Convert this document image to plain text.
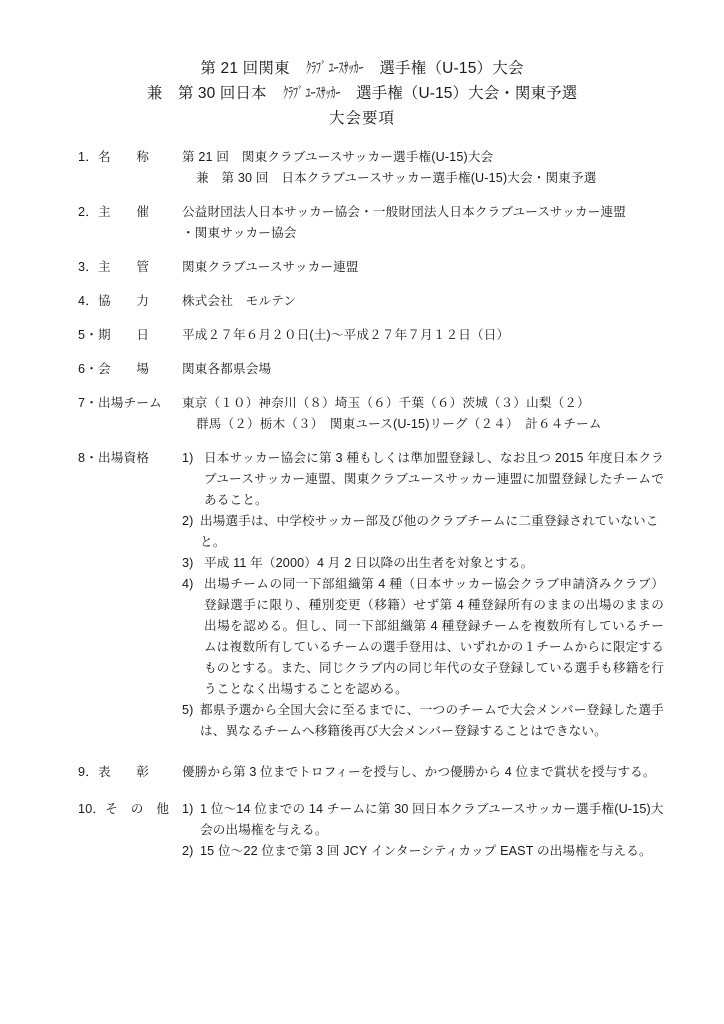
第 21 回関東 ｸﾗﾌﾞ ﾕｰｽｻｯｶｰ 選手権（U-15）大会
兼　第 30 回日本 ｸﾗﾌﾞ ﾕｰｽｻｯｶｰ 選手権（U-15）大会・関東予選
大会要項
1．名　　称	第 21 回　関東クラブユースサッカー選手権(U-15)大会
兼　第 30 回　日本クラブユースサッカー選手権(U-15)大会・関東予選
2．主　　催	公益財団法人日本サッカー協会・一般財団法人日本クラブユースサッカー連盟
・関東サッカー協会
3．主　　管	関東クラブユースサッカー連盟
4．協　　力	株式会社　モルテン
5・期　　日	平成２７年６月２０日(土)～平成２７年７月１２日（日）
6・会　　場	関東各都県会場
7・出場チーム	東京（１０）神奈川（８）埼玉（６）千葉（６）茨城（３）山梨（２）
群馬（２）栃木（３）　関東ユース(U-15)リーグ（２４）　計６４チーム
8・出場資格	1) 日本サッカー協会に第 3 種もしくは準加盟登録し、なお且つ 2015 年度日本クラブユースサッカー連盟、関東クラブユースサッカー連盟に加盟登録したチームであること。
2) 出場選手は、中学校サッカー部及び他のクラブチームに二重登録されていないこと。
3) 平成 11 年（2000）4 月 2 日以降の出生者を対象とする。
4) 出場チームの同一下部組織第 4 種（日本サッカー協会クラブ申請済みクラブ）登録選手に限り、種別変更（移籍）せず第 4 種登録所有のままの出場のままの出場を認める。但し、同一下部組織第 4 種登録チームを複数所有しているチームは複数所有しているチームの選手登用は、いずれかの１チームからに限定するものとする。また、同じクラブ内の同じ年代の女子登録している選手も移籍を行うことなく出場することを認める。
5) 都県予選から全国大会に至るまでに、一つのチームで大会メンバー登録した選手は、異なるチームへ移籍後再び大会メンバー登録することはできない。
9．表　　彰	優勝から第 3 位までトロフィーを授与し、かつ優勝から 4 位まで賞状を授与する。
10．そ　の　他	1) 1 位～14 位までの 14 チームに第 30 回日本クラブユースサッカー選手権(U-15)大会の出場権を与える。
2) 15 位～22 位まで第 3 回 JCY インターシティカップ EAST の出場権を与える。
